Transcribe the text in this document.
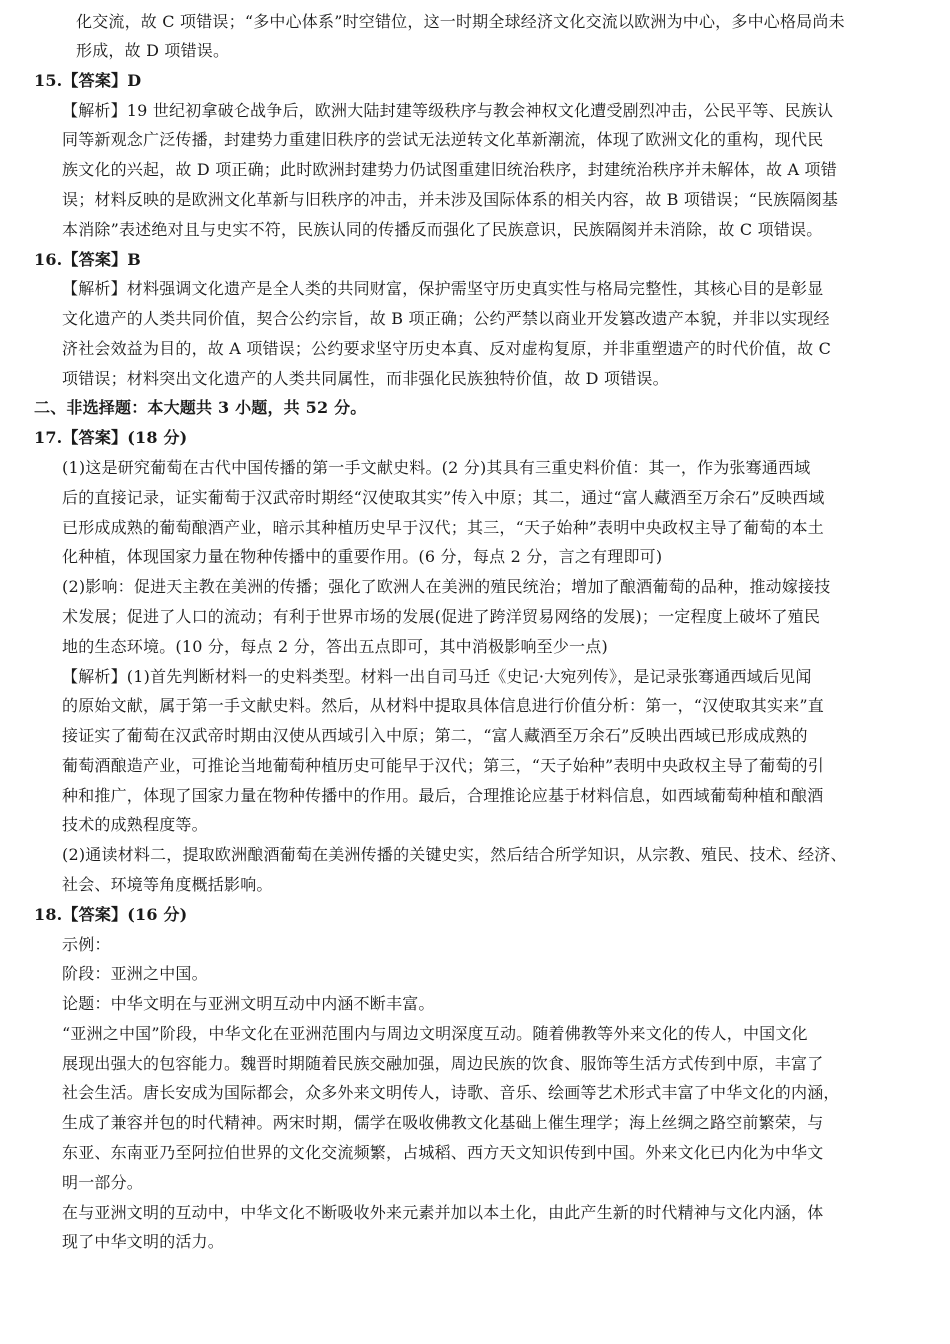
化交流，故 C 项错误；“多中心体系”时空错位，这一时期全球经济文化交流以欧洲为中心，多中心格局尚未
形成，故 D 项错误。
15.【答案】D
【解析】19 世纪初拿破仑战争后，欧洲大陆封建等级秩序与教会神权文化遭受剧烈冲击，公民平等、民族认
同等新观念广泛传播，封建势力重建旧秩序的尝试无法逆转文化革新潮流，体现了欧洲文化的重构，现代民
族文化的兴起，故 D 项正确；此时欧洲封建势力仍试图重建旧统治秩序，封建统治秩序并未解体，故 A 项错
误；材料反映的是欧洲文化革新与旧秩序的冲击，并未涉及国际体系的相关内容，故 B 项错误；“民族隔阂基
本消除”表述绝对且与史实不符，民族认同的传播反而强化了民族意识，民族隔阂并未消除，故 C 项错误。
16.【答案】B
【解析】材料强调文化遗产是全人类的共同财富，保护需坚守历史真实性与格局完整性，其核心目的是彰显
文化遗产的人类共同价值，契合公约宗旨，故 B 项正确；公约严禁以商业开发篡改遗产本貌，并非以实现经
济社会效益为目的，故 A 项错误；公约要求坚守历史本真、反对虚构复原，并非重塑遗产的时代价值，故 C
项错误；材料突出文化遗产的人类共同属性，而非强化民族独特价值，故 D 项错误。
二、非选择题：本大题共 3 小题，共 52 分。
17.【答案】(18 分)
(1)这是研究葡萄在古代中国传播的第一手文献史料。(2 分)其具有三重史料价值：其一，作为张骞通西域
后的直接记录，证实葡萄于汉武帝时期经“汉使取其实”传入中原；其二，通过“富人藏酒至万余石”反映西域
已形成成熟的葡萄酿酒产业，暗示其种植历史早于汉代；其三，“天子始种”表明中央政权主导了葡萄的本土
化种植，体现国家力量在物种传播中的重要作用。(6 分，每点 2 分，言之有理即可)
(2)影响：促进天主教在美洲的传播；强化了欧洲人在美洲的殖民统治；增加了酿酒葡萄的品种，推动嫁接技
术发展；促进了人口的流动；有利于世界市场的发展(促进了跨洋贸易网络的发展)；一定程度上破坏了殖民
地的生态环境。(10 分，每点 2 分，答出五点即可，其中消极影响至少一点)
【解析】(1)首先判断材料一的史料类型。材料一出自司马迁《史记·大宛列传》，是记录张骞通西域后见闻
的原始文献，属于第一手文献史料。然后，从材料中提取具体信息进行价值分析：第一，“汉使取其实来”直
接证实了葡萄在汉武帝时期由汉使从西域引入中原；第二，“富人藏酒至万余石”反映出西域已形成成熟的
葡萄酒酿造产业，可推论当地葡萄种植历史可能早于汉代；第三，“天子始种”表明中央政权主导了葡萄的引
种和推广，体现了国家力量在物种传播中的作用。最后，合理推论应基于材料信息，如西域葡萄种植和酿酒
技术的成熟程度等。
(2)通读材料二，提取欧洲酿酒葡萄在美洲传播的关键史实，然后结合所学知识，从宗教、殖民、技术、经济、
社会、环境等角度概括影响。
18.【答案】(16 分)
示例：
阶段：亚洲之中国。
论题：中华文明在与亚洲文明互动中内涵不断丰富。
“亚洲之中国”阶段，中华文化在亚洲范围内与周边文明深度互动。随着佛教等外来文化的传人，中国文化
展现出强大的包容能力。魏晋时期随着民族交融加强，周边民族的饮食、服饰等生活方式传到中原，丰富了
社会生活。唐长安成为国际都会，众多外来文明传人，诗歌、音乐、绘画等艺术形式丰富了中华文化的内涵，
生成了兼容并包的时代精神。两宋时期，儒学在吸收佛教文化基础上催生理学；海上丝绸之路空前繁荣，与
东亚、东南亚乃至阿拉伯世界的文化交流频繁，占城稻、西方天文知识传到中国。外来文化已内化为中华文
明一部分。
在与亚洲文明的互动中，中华文化不断吸收外来元素并加以本土化，由此产生新的时代精神与文化内涵，体
现了中华文明的活力。
